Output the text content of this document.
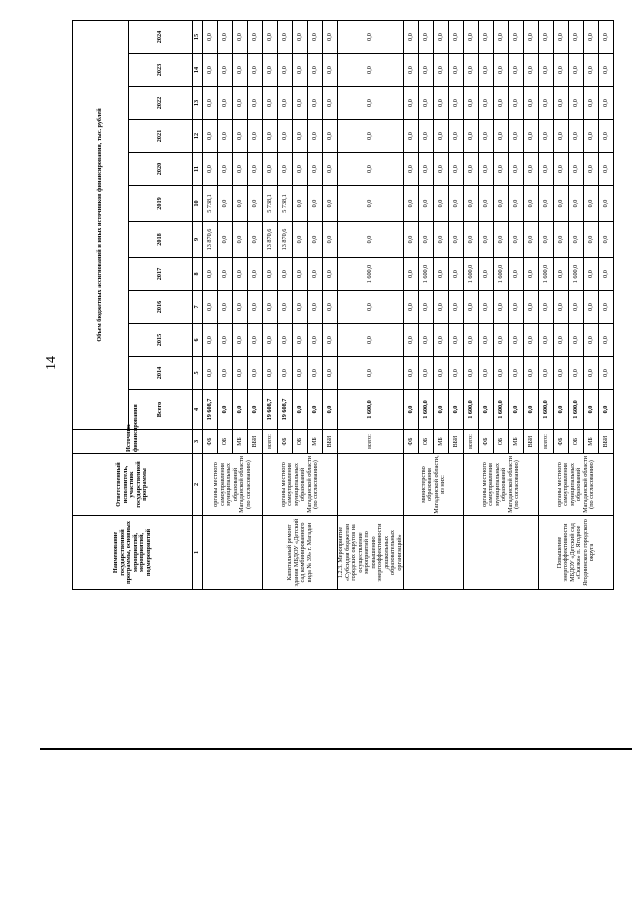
14
Наименование государственной программы, основных мероприятий, мероприятий, подмероприятий	Ответственный исполнитель, участник государственной программы	Источник финансирования	Объем бюджетных ассигнований и иных источников финансирования, тыс. рублей											
			Всего	2014	2015	2016	2017	2018	2019	2020	2021	2022	2023	2024
1	2	3	4	5	6	7	8	9	10	11	12	13	14	15
	органы местного самоуправления муниципальных образований Магаданской области (по согласованию)	ФБ	19 608,7	0,0	0,0	0,0	0,0	13 870,6	5 738,1	0,0	0,0	0,0	0,0	0,0
		ОБ	0,0	0,0	0,0	0,0	0,0	0,0	0,0	0,0	0,0	0,0	0,0	0,0
		МБ	0,0	0,0	0,0	0,0	0,0	0,0	0,0	0,0	0,0	0,0	0,0	0,0
		ВБИ	0,0	0,0	0,0	0,0	0,0	0,0	0,0	0,0	0,0	0,0	0,0	0,0
Капитальный ремонт здания МБДОУ «Детский сад комбинированного вида № 39» г. Магадан	органы местного самоуправления муниципальных образований Магаданской области (по согласованию)	всего:	19 608,7	0,0	0,0	0,0	0,0	13 870,6	5 738,1	0,0	0,0	0,0	0,0	0,0
		ФБ	19 608,7	0,0	0,0	0,0	0,0	13 870,6	5 738,1	0,0	0,0	0,0	0,0	0,0
		ОБ	0,0	0,0	0,0	0,0	0,0	0,0	0,0	0,0	0,0	0,0	0,0	0,0
		МБ	0,0	0,0	0,0	0,0	0,0	0,0	0,0	0,0	0,0	0,0	0,0	0,0
		ВБИ	0,0	0,0	0,0	0,0	0,0	0,0	0,0	0,0	0,0	0,0	0,0	0,0
1.2.3. Мероприятие «Субсидия бюджетам городских округов на осуществление мероприятий по повышению энергоэффективности дошкольных образовательных организаций»		всего:	1 600,0	0,0	0,0	0,0	1 600,0	0,0	0,0	0,0	0,0	0,0	0,0	0,0
	министерство образования Магаданской области, из них:	ФБ	0,0	0,0	0,0	0,0	0,0	0,0	0,0	0,0	0,0	0,0	0,0	0,0
		ОБ	1 600,0	0,0	0,0	0,0	1 600,0	0,0	0,0	0,0	0,0	0,0	0,0	0,0
		МБ	0,0	0,0	0,0	0,0	0,0	0,0	0,0	0,0	0,0	0,0	0,0	0,0
		ВБИ	0,0	0,0	0,0	0,0	0,0	0,0	0,0	0,0	0,0	0,0	0,0	0,0
	органы местного самоуправления муниципальных образований Магаданской области (по согласованию)	всего:	1 600,0	0,0	0,0	0,0	1 600,0	0,0	0,0	0,0	0,0	0,0	0,0	0,0
		ФБ	0,0	0,0	0,0	0,0	0,0	0,0	0,0	0,0	0,0	0,0	0,0	0,0
		ОБ	1 600,0	0,0	0,0	0,0	1 600,0	0,0	0,0	0,0	0,0	0,0	0,0	0,0
		МБ	0,0	0,0	0,0	0,0	0,0	0,0	0,0	0,0	0,0	0,0	0,0	0,0
		ВБИ	0,0	0,0	0,0	0,0	0,0	0,0	0,0	0,0	0,0	0,0	0,0	0,0
Повышение энергоэффективности МБДОУ «Детский сад «Сказка» п. Ягодное Ягоднинского городского округа	органы местного самоуправления муниципальных образований Магаданской области (по согласованию)	всего:	1 600,0	0,0	0,0	0,0	1 600,0	0,0	0,0	0,0	0,0	0,0	0,0	0,0
		ФБ	0,0	0,0	0,0	0,0	0,0	0,0	0,0	0,0	0,0	0,0	0,0	0,0
		ОБ	1 600,0	0,0	0,0	0,0	1 600,0	0,0	0,0	0,0	0,0	0,0	0,0	0,0
		МБ	0,0	0,0	0,0	0,0	0,0	0,0	0,0	0,0	0,0	0,0	0,0	0,0
		ВБИ	0,0	0,0	0,0	0,0	0,0	0,0	0,0	0,0	0,0	0,0	0,0	0,0
